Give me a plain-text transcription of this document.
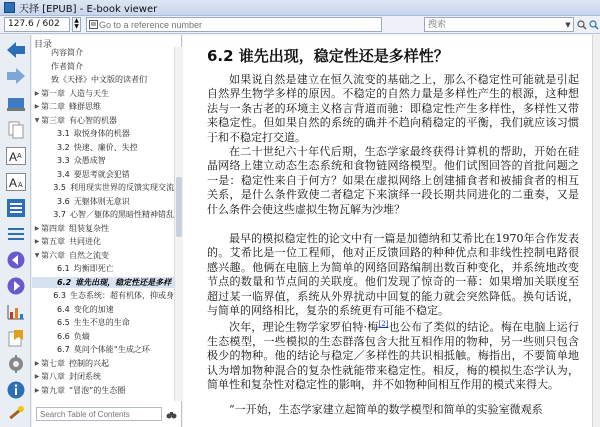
天择 [EPUB] - E-book viewer
127.6 / 602	▲
▼
Go to a reference number
搜索	▼
A A
A A
目录
内容简介
作者简介
致《天择》中文版的读者们
▶ 第一章 人造与天生
▶ 第二章 蜂群思维
▼ 第三章 有心智的机器
3.1 取悦身体的机器
3.2 快速、廉价、失控
3.3 众愚成智
3.4 要思考就会犯错
3.5 利用现实世界的反馈实现交流
3.6 无躯体则无意识
3.7 心智／躯体的黑暗性精神错乱
▶ 第四章 组装复杂性
▶ 第五章 共同进化
▼ 第六章 自然之流变
6.1 均衡即死亡
6.2 谁先出现，稳定性还是多样
6.3 生态系统：超有机体，抑或身
6.4 变化的加速
6.5 生生不息的生命
6.6 负熵
6.7 莫问个体能“生成之环
▶ 第七章 控制的兴起
▶ 第八章 封闭系统
▶ 第九章 “冒泡”的生态圈
Search Table of Contents
6.2 谁先出现，稳定性还是多样性？

如果说自然是建立在恒久流变的基础之上，那么不稳定性可能就是引起自然界生物学多样的原因。不稳定的自然力量是多样性产生的根源，这种想法与一条古老的环境主义格言背道而驰：即稳定性产生多样性，多样性又带来稳定性。但如果自然的系统的确并不趋向稍稳定的平衡，我们就应该习惯于和不稳定打交道。

在二十世纪六十年代后期，生态学家最终获得计算机的帮助，开始在硅晶网络上建立动态生态系统和食物链网络模型。他们试图回答的首批问题之一是：稳定性来自于何方？如果在虚拟网络上创建捕食者和被捕食者的相互关系，是什么条件致使二者稳定下来演绎一段长期共同进化的二重奏，又是什么条件会使这些虚拟生物瓦解为沙堆？

最早的模拟稳定性的论文中有一篇是加德纳和艾希比在1970年合作发表的。艾希比是一位工程师，他对正反馈回路的种种优点和非线性控制电路很感兴趣。他俩在电脑上为简单的网络回路编制出数百种变化，并系统地改变节点的数量和节点间的关联度。他们发现了惊奇的一幕：如果增加关联度至超过某一临界值，系统从外界扰动中回复的能力就会突然降低。换句话说，与简单的网络相比，复杂的系统更有可能不稳定。

次年，理论生物学家罗伯特·梅[2]也公布了类似的结论。梅在电脑上运行生态模型，一些模拟的生态群落包含大批互相作用的物种，另一些则只包含极少的物种。他的结论与稳定／多样性的共识相抵触。梅指出，不要简单地认为增加物种混合的复杂性就能带来稳定性。相反，梅的模拟生态学认为，简单性和复杂性对稳定性的影响，并不如物种间相互作用的模式来得大。

“一开始，生态学家建立起简单的数学模型和简单的实验室微观系
